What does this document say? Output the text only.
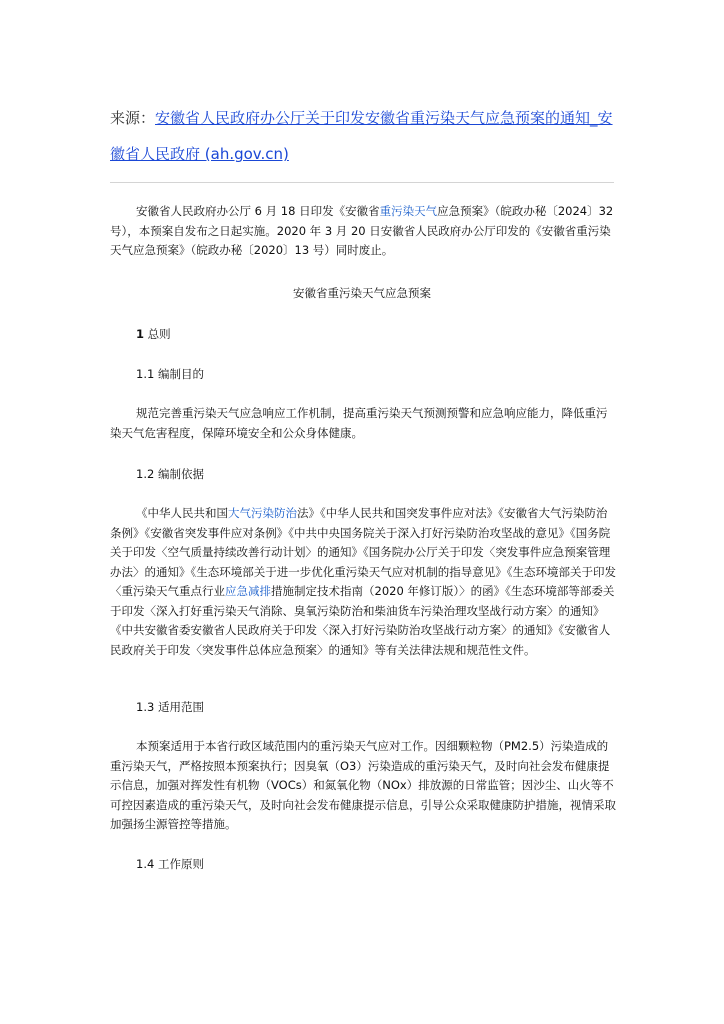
来源：安徽省人民政府办公厅关于印发安徽省重污染天气应急预案的通知_安徽省人民政府 (ah.gov.cn)
安徽省人民政府办公厅 6 月 18 日印发《安徽省重污染天气应急预案》（皖政办秘〔2024〕32 号），本预案自发布之日起实施。2020 年 3 月 20 日安徽省人民政府办公厅印发的《安徽省重污染天气应急预案》（皖政办秘〔2020〕13 号）同时废止。
安徽省重污染天气应急预案
1 总则
1.1 编制目的
规范完善重污染天气应急响应工作机制，提高重污染天气预测预警和应急响应能力，降低重污染天气危害程度，保障环境安全和公众身体健康。
1.2 编制依据
《中华人民共和国大气污染防治法》《中华人民共和国突发事件应对法》《安徽省大气污染防治条例》《安徽省突发事件应对条例》《中共中央国务院关于深入打好污染防治攻坚战的意见》《国务院关于印发〈空气质量持续改善行动计划〉的通知》《国务院办公厅关于印发〈突发事件应急预案管理办法〉的通知》《生态环境部关于进一步优化重污染天气应对机制的指导意见》《生态环境部关于印发〈重污染天气重点行业应急减排措施制定技术指南（2020 年修订版）〉的函》《生态环境部等部委关于印发〈深入打好重污染天气消除、臭氧污染防治和柴油货车污染治理攻坚战行动方案〉的通知》《中共安徽省委安徽省人民政府关于印发〈深入打好污染防治攻坚战行动方案〉的通知》《安徽省人民政府关于印发〈突发事件总体应急预案〉的通知》等有关法律法规和规范性文件。
1.3 适用范围
本预案适用于本省行政区域范围内的重污染天气应对工作。因细颗粒物（PM2.5）污染造成的重污染天气，严格按照本预案执行；因臭氧（O3）污染造成的重污染天气，及时向社会发布健康提示信息，加强对挥发性有机物（VOCs）和氮氧化物（NOx）排放源的日常监管；因沙尘、山火等不可控因素造成的重污染天气，及时向社会发布健康提示信息，引导公众采取健康防护措施，视情采取加强扬尘源管控等措施。
1.4 工作原则
